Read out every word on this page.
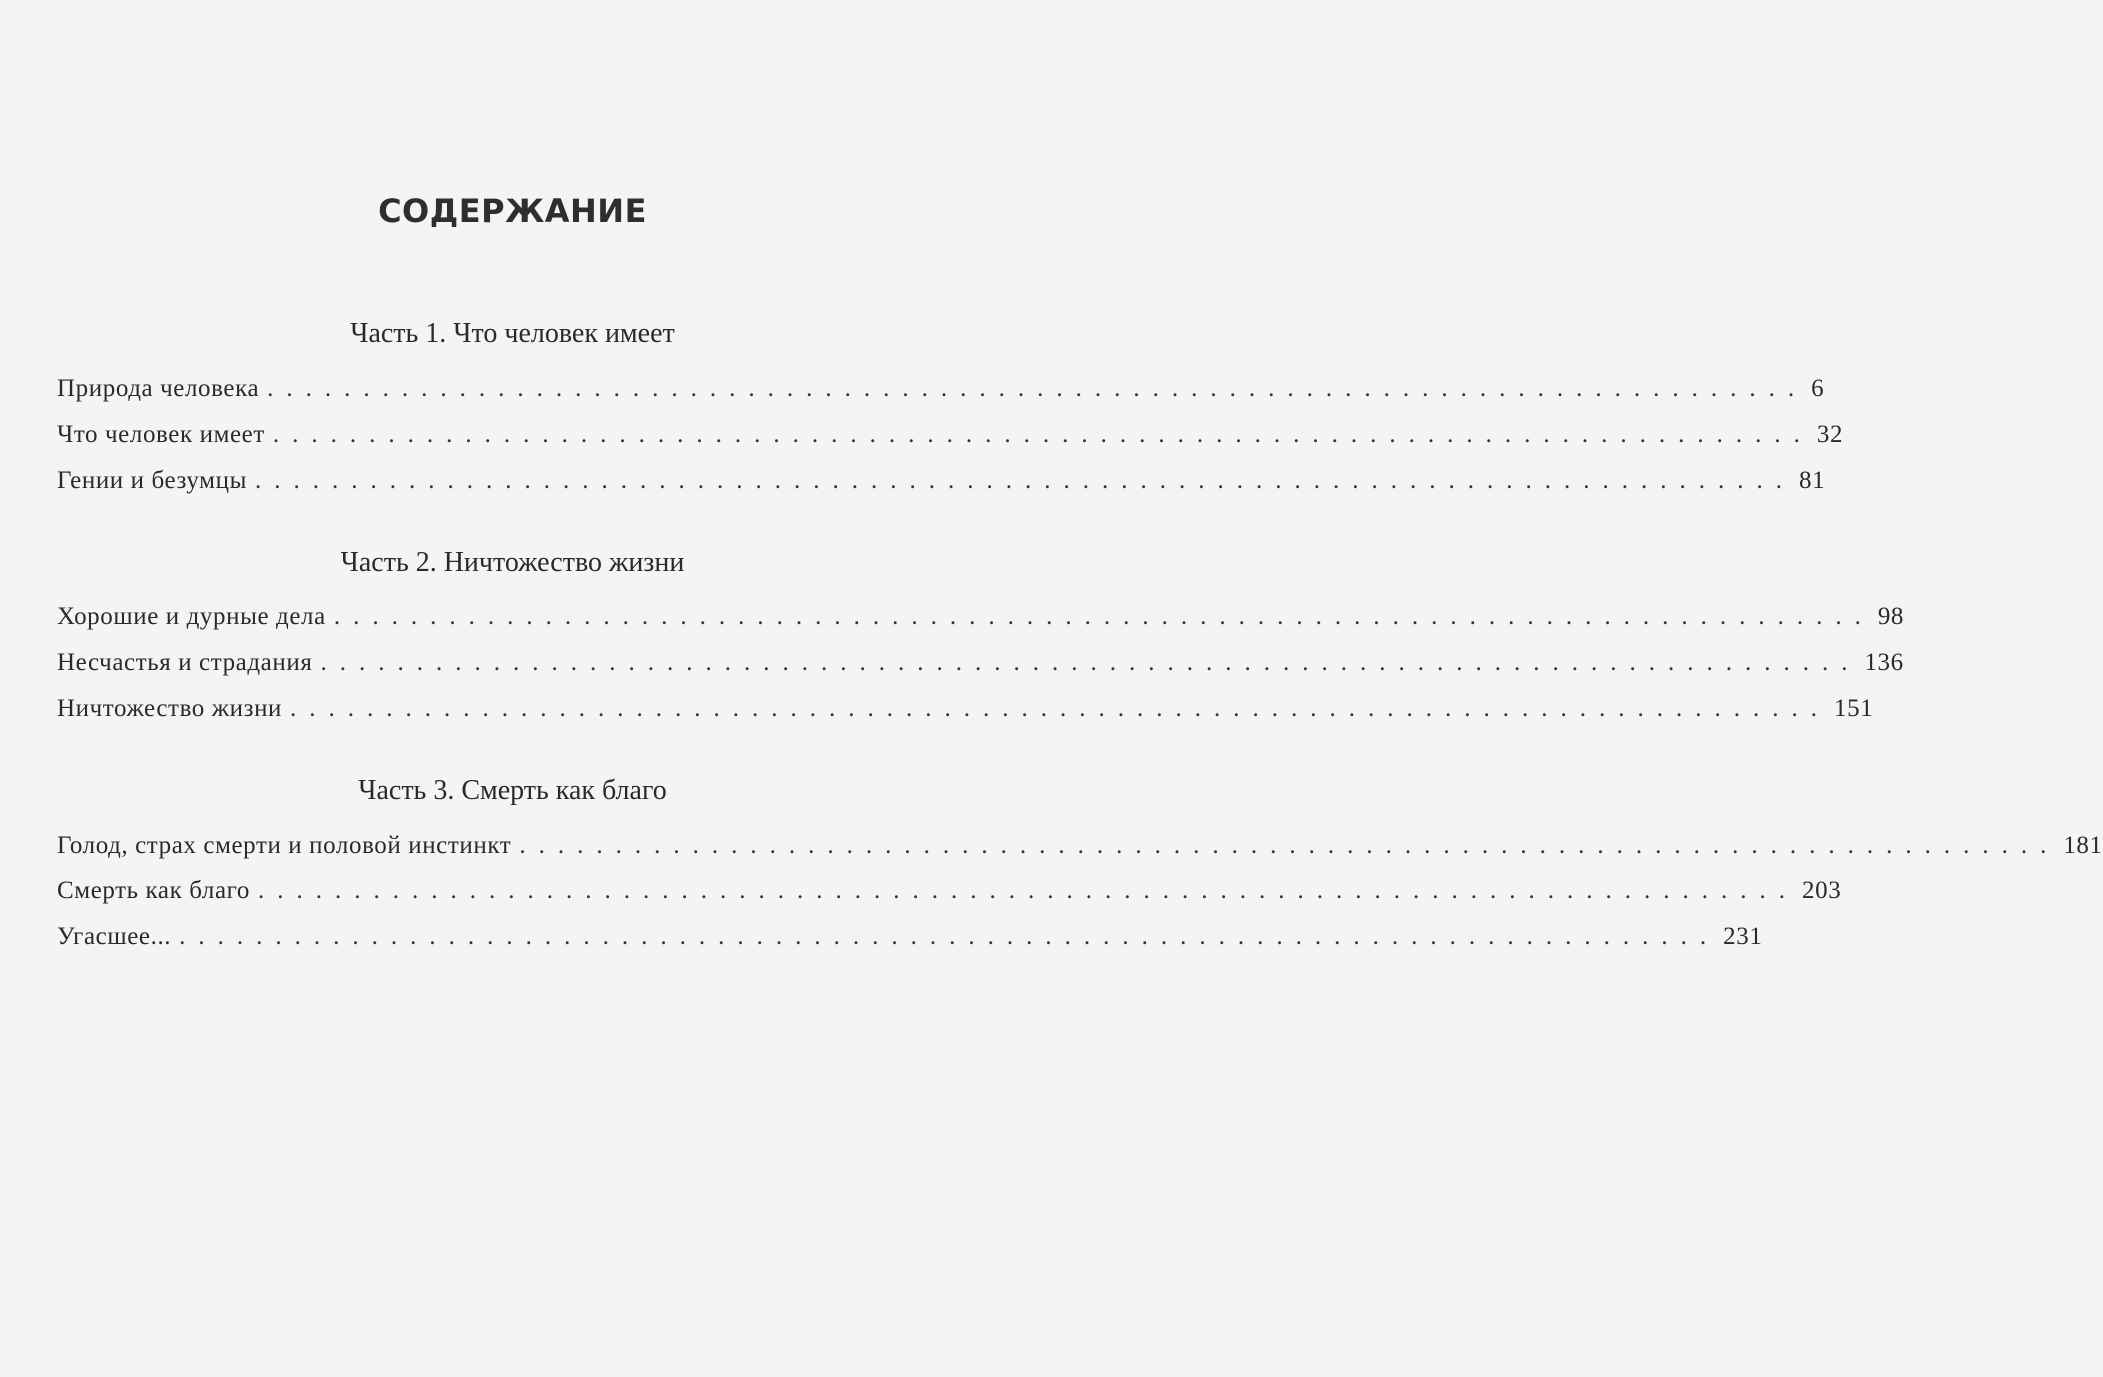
СОДЕРЖАНИЕ
Часть 1. Что человек имеет
Природа человека ................................................................................ 6
Что человек имеет ................................................................................ 32
Гении и безумцы ................................................................................ 81
Часть 2. Ничтожество жизни
Хорошие и дурные дела ................................................................................ 98
Несчастья и страдания ................................................................................ 136
Ничтожество жизни ................................................................................ 151
Часть 3. Смерть как благо
Голод, страх смерти и половой инстинкт ................................................................................ 181
Смерть как благо ................................................................................ 203
Угасшее... ................................................................................ 231
